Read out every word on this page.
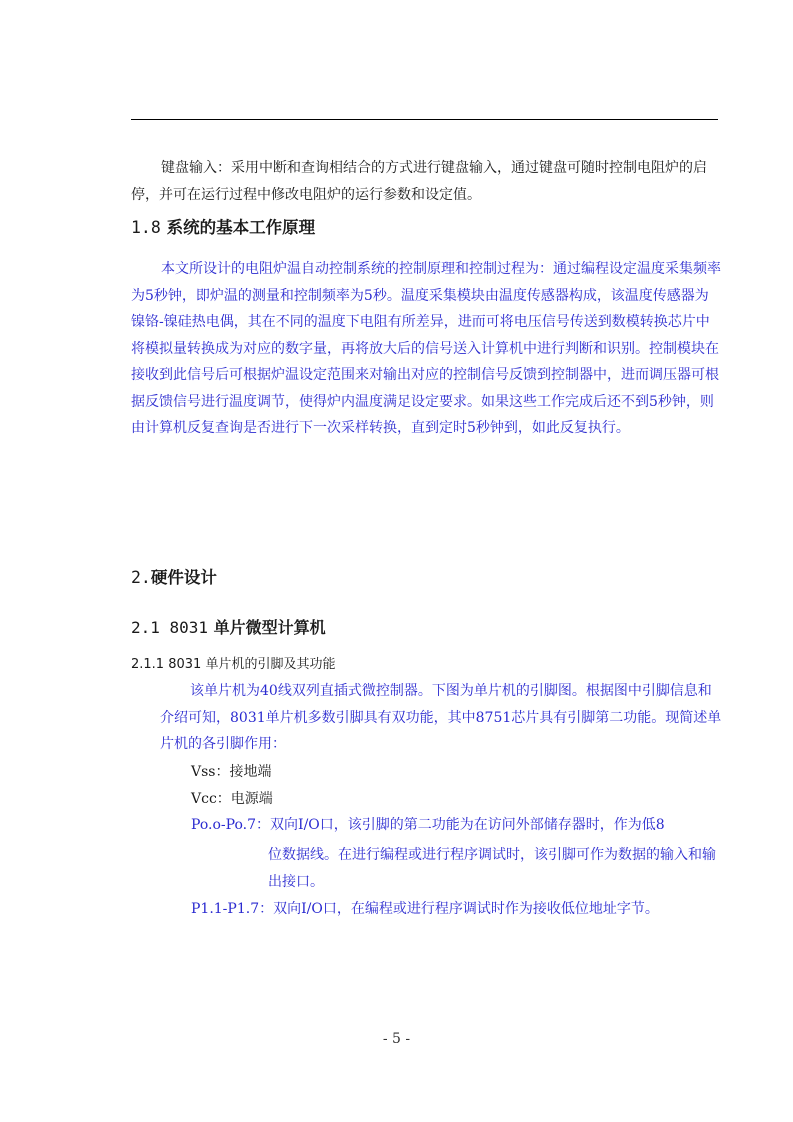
键盘输入：采用中断和查询相结合的方式进行键盘输入，通过键盘可随时控制电阻炉的启停，并可在运行过程中修改电阻炉的运行参数和设定值。

1.8 系统的基本工作原理

本文所设计的电阻炉温自动控制系统的控制原理和控制过程为：通过编程设定温度采集频率为5秒钟，即炉温的测量和控制频率为5秒。温度采集模块由温度传感器构成，该温度传感器为镍铬-镍硅热电偶，其在不同的温度下电阻有所差异，进而可将电压信号传送到数模转换芯片中将模拟量转换成为对应的数字量，再将放大后的信号送入计算机中进行判断和识别。控制模块在接收到此信号后可根据炉温设定范围来对输出对应的控制信号反馈到控制器中，进而调压器可根据反馈信号进行温度调节，使得炉内温度满足设定要求。如果这些工作完成后还不到5秒钟，则由计算机反复查询是否进行下一次采样转换，直到定时5秒钟到，如此反复执行。

2.硬件设计

2.1 8031 单片微型计算机

2.1.1 8031 单片机的引脚及其功能

该单片机为40线双列直插式微控制器。下图为单片机的引脚图。根据图中引脚信息和介绍可知，8031单片机多数引脚具有双功能，其中8751芯片具有引脚第二功能。现简述单片机的各引脚作用：

Vss：接地端

Vcc：电源端

Po.o-Po.7：双向I/O口，该引脚的第二功能为在访问外部储存器时，作为低8

位数据线。在进行编程或进行程序调试时，该引脚可作为数据的输入和输出接口。

P1.1-P1.7：双向I/O口，在编程或进行程序调试时作为接收低位地址字节。

- 5 -
